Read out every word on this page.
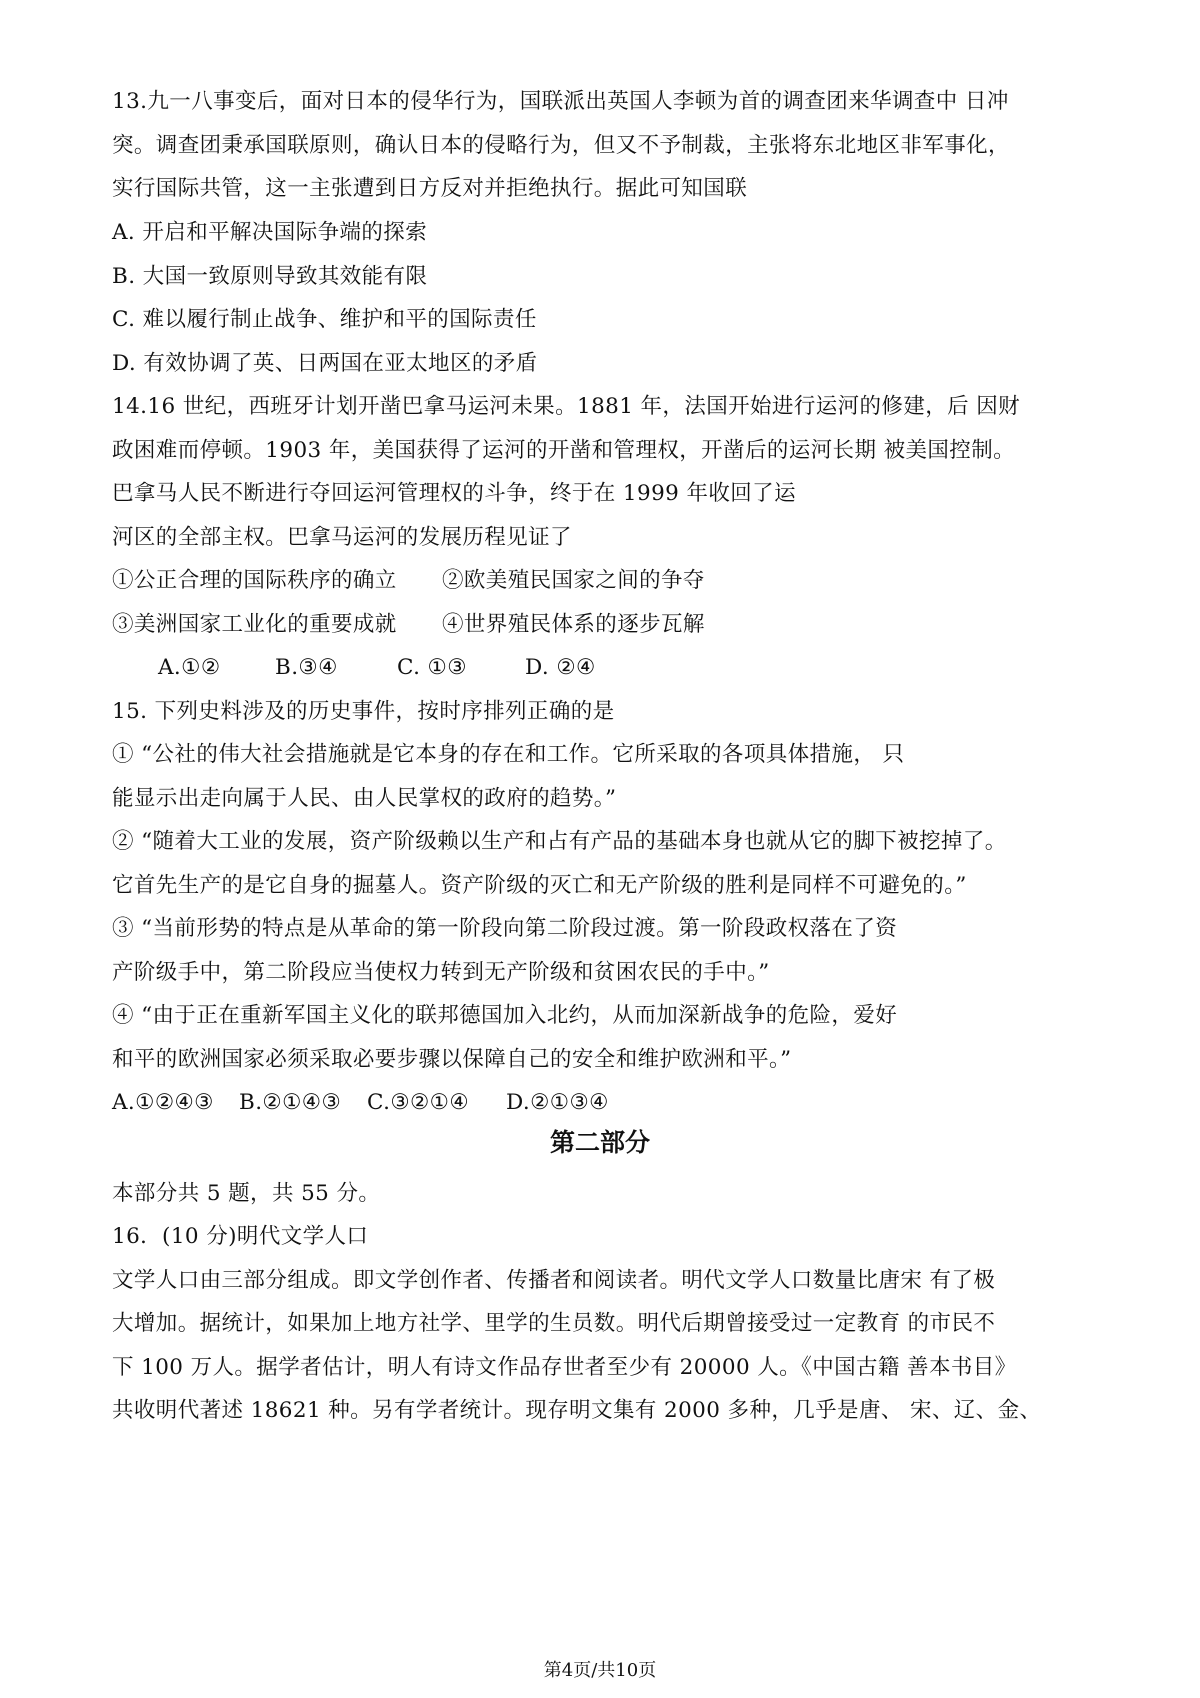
13.九一八事变后，面对日本的侵华行为，国联派出英国人李顿为首的调查团来华调查中 日冲
突。调查团秉承国联原则，确认日本的侵略行为，但又不予制裁，主张将东北地区非军事化，
实行国际共管，这一主张遭到日方反对并拒绝执行。据此可知国联
A. 开启和平解决国际争端的探索
B. 大国一致原则导致其效能有限
C. 难以履行制止战争、维护和平的国际责任
D. 有效协调了英、日两国在亚太地区的矛盾
14.16 世纪，西班牙计划开凿巴拿马运河未果。1881 年，法国开始进行运河的修建，后 因财
政困难而停顿。1903 年，美国获得了运河的开凿和管理权，开凿后的运河长期 被美国控制。
巴拿马人民不断进行夺回运河管理权的斗争，终于在 1999 年收回了运
河区的全部主权。巴拿马运河的发展历程见证了
①公正合理的国际秩序的确立 ②欧美殖民国家之间的争夺
③美洲国家工业化的重要成就 ④世界殖民体系的逐步瓦解
A.①②	B.③④	C. ①③	D. ②④
15. 下列史料涉及的历史事件，按时序排列正确的是
① “公社的伟大社会措施就是它本身的存在和工作。它所采取的各项具体措施， 只
能显示出走向属于人民、由人民掌权的政府的趋势。”
② “随着大工业的发展，资产阶级赖以生产和占有产品的基础本身也就从它的脚下被挖掉了。
它首先生产的是它自身的掘墓人。资产阶级的灭亡和无产阶级的胜利是同样不可避免的。”
③ “当前形势的特点是从革命的第一阶段向第二阶段过渡。第一阶段政权落在了资
产阶级手中，第二阶段应当使权力转到无产阶级和贫困农民的手中。”
④ “由于正在重新军国主义化的联邦德国加入北约，从而加深新战争的危险，爱好
和平的欧洲国家必须采取必要步骤以保障自己的安全和维护欧洲和平。”
A.①②④③	B.②①④③	C.③②①④	D.②①③④
第二部分
本部分共 5 题，共 55 分。
16．(10 分)明代文学人口
文学人口由三部分组成。即文学创作者、传播者和阅读者。明代文学人口数量比唐宋 有了极
大增加。据统计，如果加上地方社学、里学的生员数。明代后期曾接受过一定教育 的市民不
下 100 万人。据学者估计，明人有诗文作品存世者至少有 20000 人。《中国古籍 善本书目》
共收明代著述 18621 种。另有学者统计。现存明文集有 2000 多种，几乎是唐、 宋、辽、金、
第4页/共10页
